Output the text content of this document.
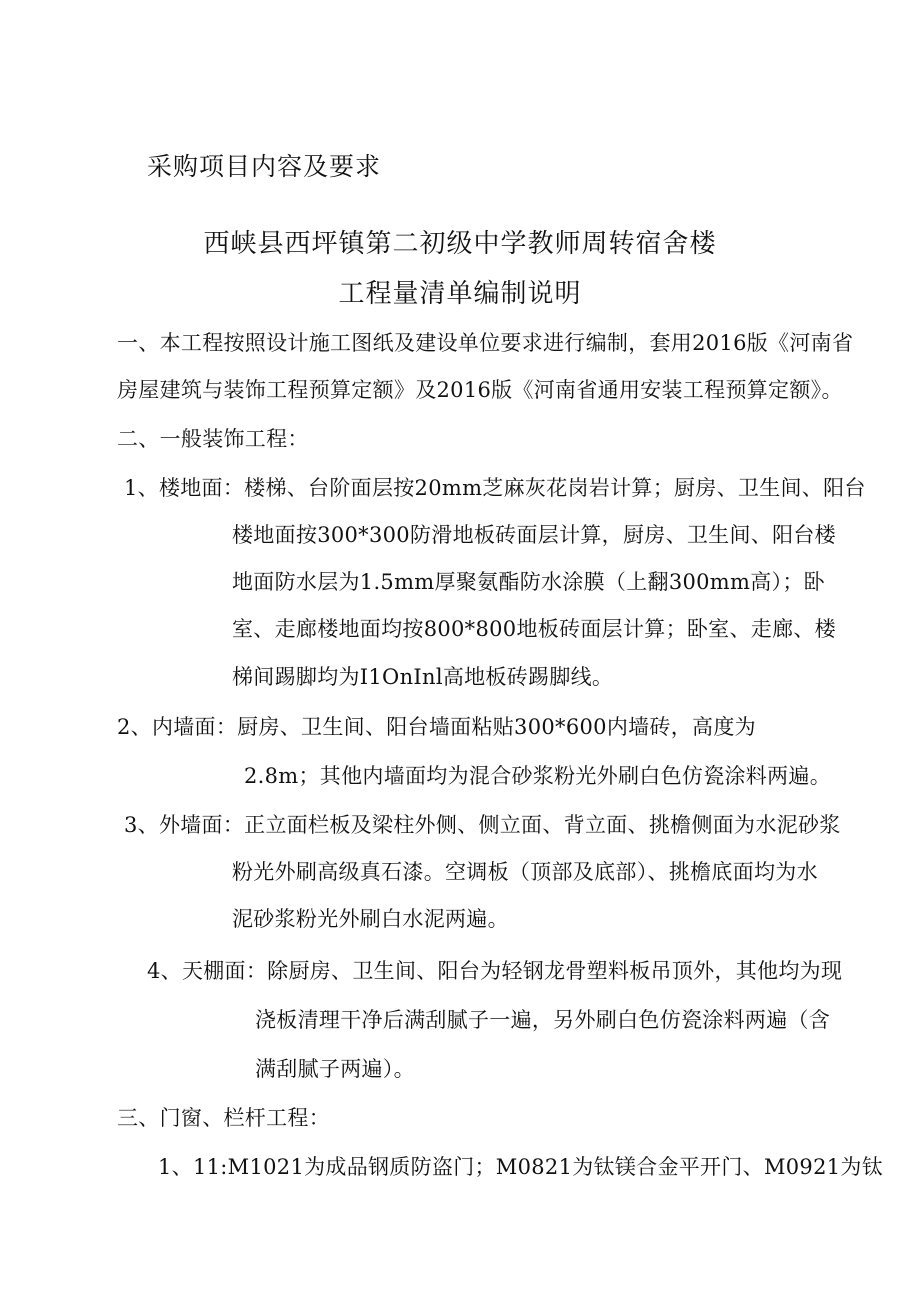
采购项目内容及要求
西峡县西坪镇第二初级中学教师周转宿舍楼
工程量清单编制说明
一、本工程按照设计施工图纸及建设单位要求进行编制，套用2016版《河南省
房屋建筑与装饰工程预算定额》及2016版《河南省通用安装工程预算定额》。
二、一般装饰工程：
1、楼地面：楼梯、台阶面层按20mm芝麻灰花岗岩计算；厨房、卫生间、阳台
楼地面按300*300防滑地板砖面层计算，厨房、卫生间、阳台楼
地面防水层为1.5mm厚聚氨酯防水涂膜（上翻300mm高）；卧
室、走廊楼地面均按800*800地板砖面层计算；卧室、走廊、楼
梯间踢脚均为I1OnInl高地板砖踢脚线。
2、内墙面：厨房、卫生间、阳台墙面粘贴300*600内墙砖，高度为
2.8m；其他内墙面均为混合砂浆粉光外刷白色仿瓷涂料两遍。
3、外墙面：正立面栏板及梁柱外侧、侧立面、背立面、挑檐侧面为水泥砂浆
粉光外刷高级真石漆。空调板（顶部及底部）、挑檐底面均为水
泥砂浆粉光外刷白水泥两遍。
4、天棚面：除厨房、卫生间、阳台为轻钢龙骨塑料板吊顶外，其他均为现
浇板清理干净后满刮腻子一遍，另外刷白色仿瓷涂料两遍（含
满刮腻子两遍）。
三、门窗、栏杆工程：
1、11:M1021为成品钢质防盗门；M0821为钛镁合金平开门、M0921为钛
